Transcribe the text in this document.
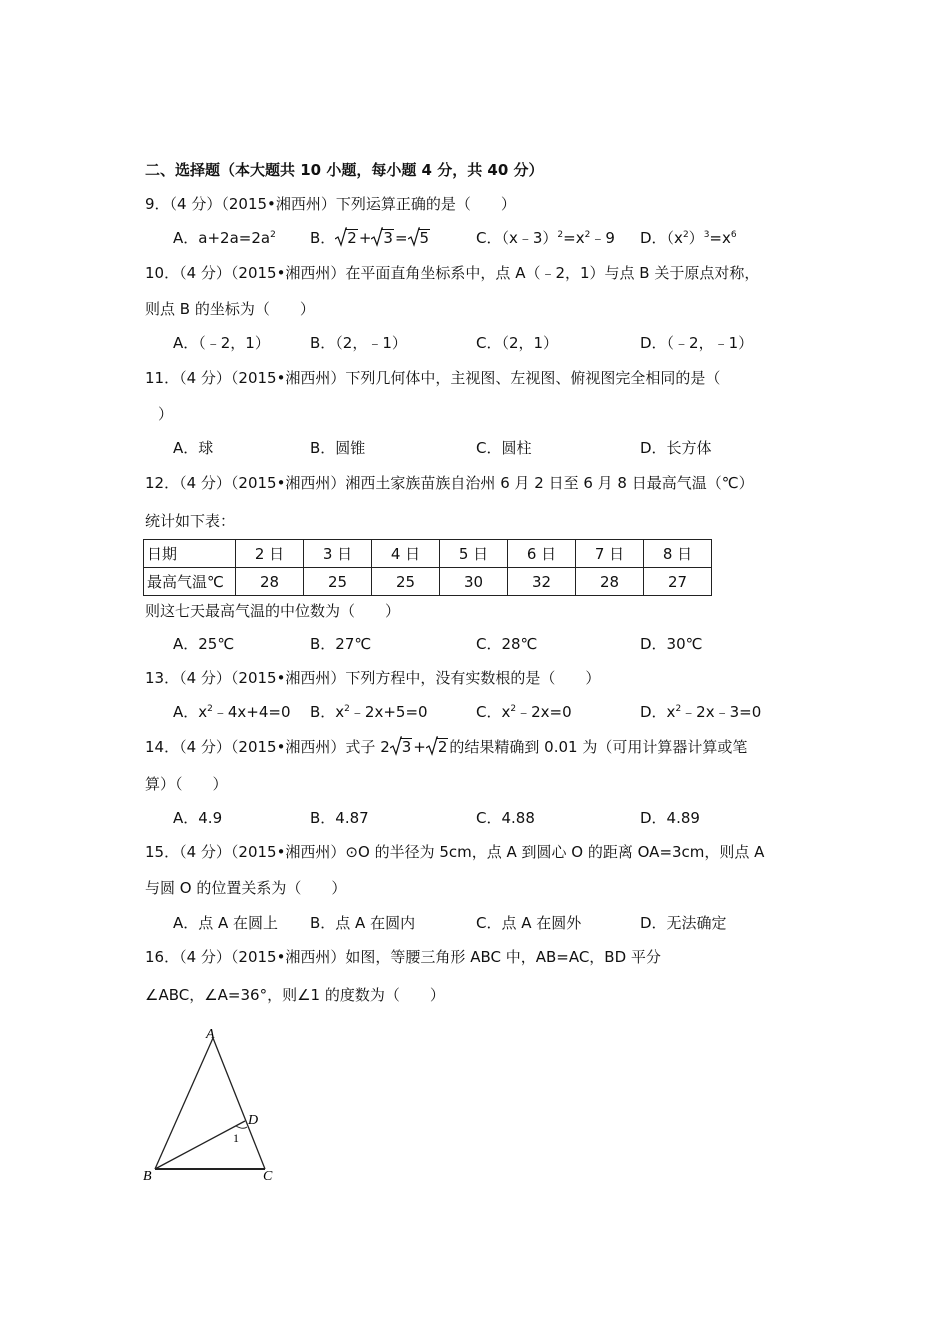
二、选择题（本大题共 10 小题，每小题 4 分，共 40 分）
9．（4 分）（2015•湘西州）下列运算正确的是（　　）
A．$a+2a=2a^2$ B． 2 + 3 = 5	C．$(x﹣3)^2=x^2﹣9$ D．$(x^2)^3=x^6$
10．（4 分）（2015•湘西州）在平面直角坐标系中，点 A（﹣2，1）与点 B 关于原点对称，
则点 B 的坐标为（　　）
A．（﹣2，1）	B．（2，﹣1）	C．（2，1）	D．（﹣2，﹣1）
11．（4 分）（2015•湘西州）下列几何体中，主视图、左视图、俯视图完全相同的是（
）
A．球	B．圆锥	C．圆柱	D．长方体
12．（4 分）（2015•湘西州）湘西土家族苗族自治州 6 月 2 日至 6 月 8 日最高气温（℃）
统计如下表：
日期	2 日	3 日	4 日	5 日	6 日	7 日	8 日
最高气温℃	28	25	25	30	32	28	27
则这七天最高气温的中位数为（　　）
A．25℃	B．27℃	C．28℃	D．30℃
13．（4 分）（2015•湘西州）下列方程中，没有实数根的是（　　）
A．$x^2﹣4x+4=0$ B．$x^2﹣2x+5=0$	C．$x^2﹣2x=0$	D．$x^2﹣2x﹣3=0$
14．（4 分）（2015•湘西州）式子 2 3 + 2 的结果精确到 0.01 为（可用计算器计算或笔
算）（　　）
A．4.9	B．4.87	C．4.88	D．4.89
15．（4 分）（2015•湘西州）⊙O 的半径为 5cm，点 A 到圆心 O 的距离 OA=3cm，则点 A
与圆 O 的位置关系为（　　）
A．点 A 在圆上 B．点 A 在圆内	C．点 A 在圆外	D．无法确定
16．（4 分）（2015•湘西州）如图，等腰三角形 ABC 中，AB=AC，BD 平分
∠ABC，∠A=36°，则∠1 的度数为（　　）
A
B	C
D
1
